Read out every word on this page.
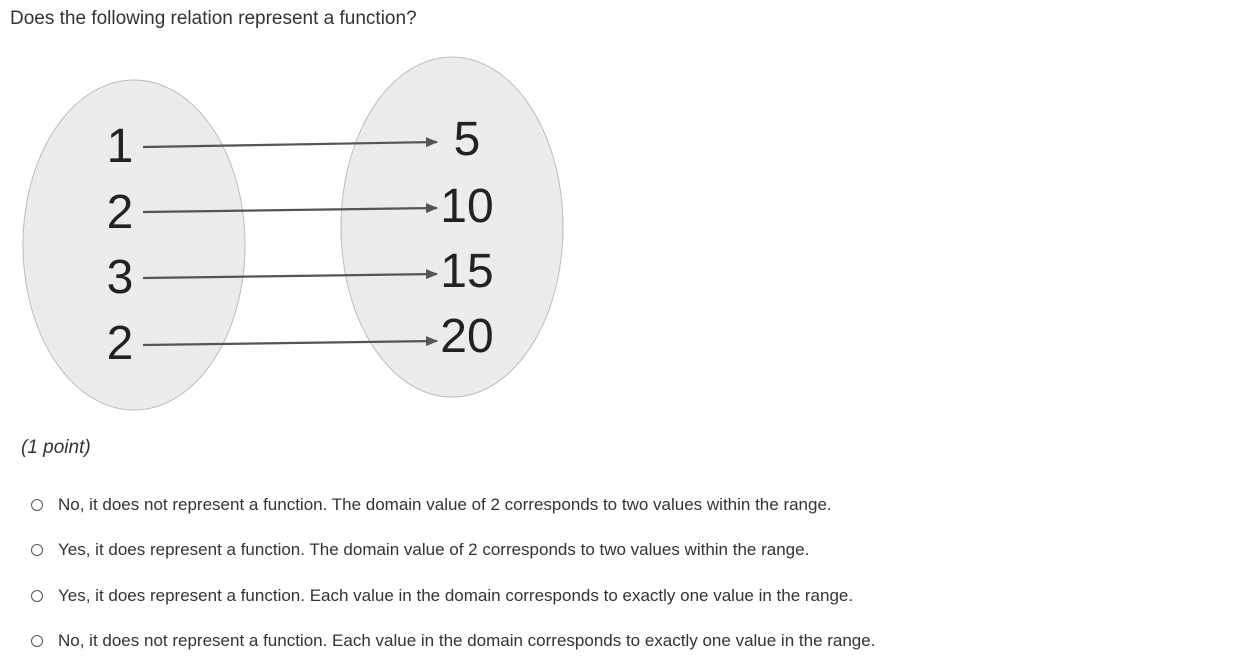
Does the following relation represent a function?
1
2
3
2
5
10
15
20
(1 point)
No, it does not represent a function. The domain value of 2 corresponds to two values within the range.
Yes, it does represent a function. The domain value of 2 corresponds to two values within the range.
Yes, it does represent a function. Each value in the domain corresponds to exactly one value in the range.
No, it does not represent a function. Each value in the domain corresponds to exactly one value in the range.
